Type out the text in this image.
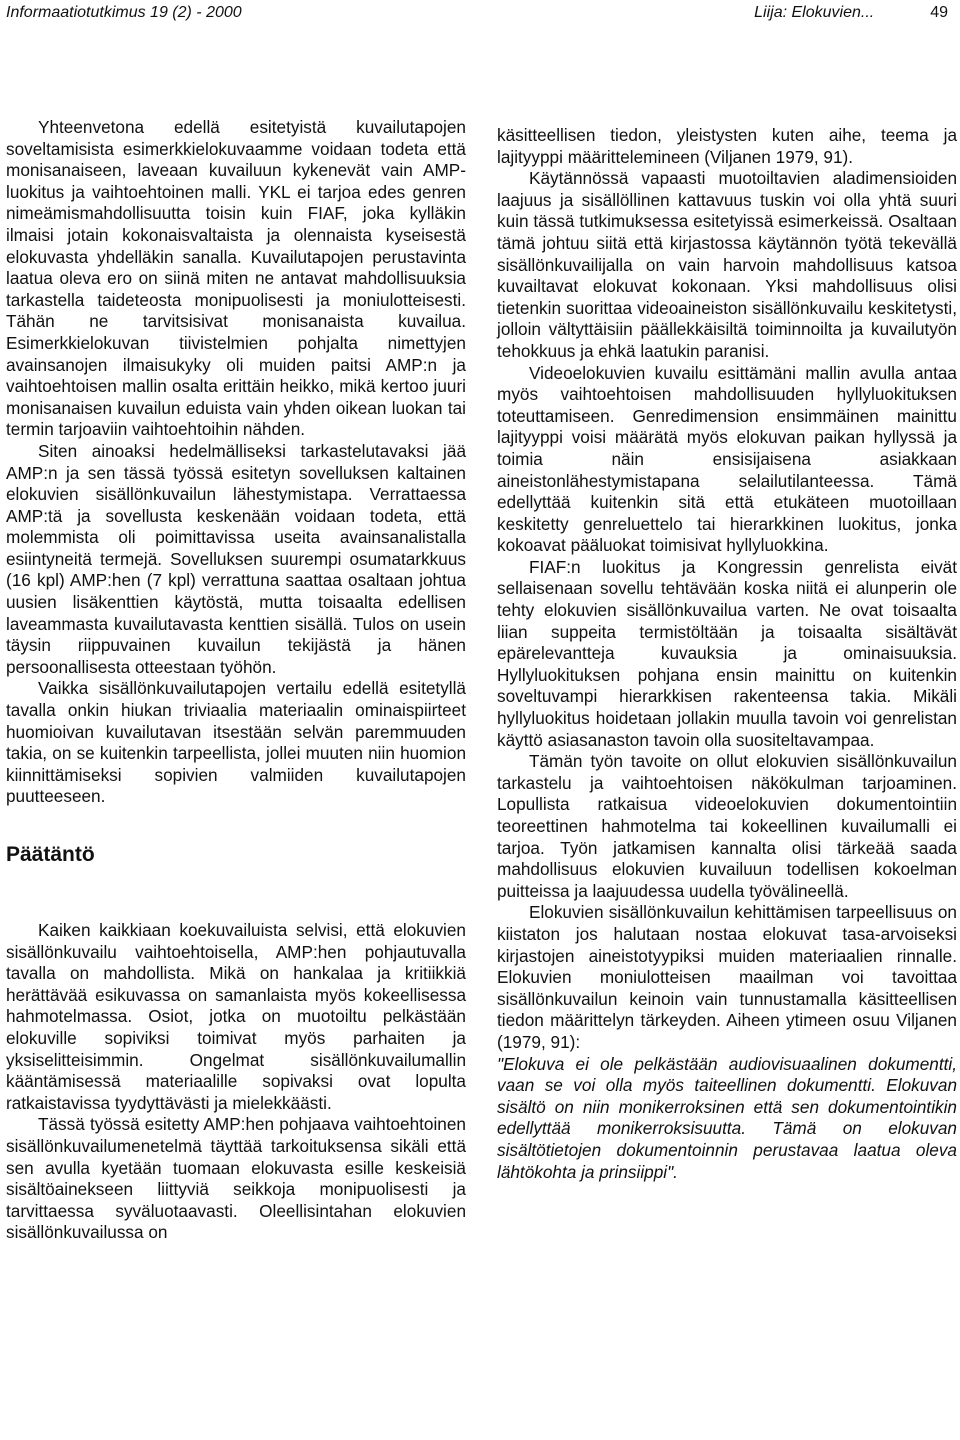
Informaatiotutkimus 19 (2) - 2000	Liija: Elokuvien...	49

Yhteenvetona edellä esitetyistä kuvailutapojen soveltamisista esimerkkielokuvaamme voidaan todeta että monisanaiseen, laveaan kuvailuun kykenevät vain AMP-luokitus ja vaihtoehtoinen malli. YKL ei tarjoa edes genren nimeämismahdollisuutta toisin kuin FIAF, joka kylläkin ilmaisi jotain kokonaisvaltaista ja olennaista kyseisestä elokuvasta yhdelläkin sanalla. Kuvailutapojen perustavinta laatua oleva ero on siinä miten ne antavat mahdollisuuksia tarkastella taideteosta monipuolisesti ja moniulotteisesti. Tähän ne tarvitsisivat monisanaista kuvailua. Esimerkkielokuvan tiivistelmien pohjalta nimettyjen avainsanojen ilmaisukyky oli muiden paitsi AMP:n ja vaihtoehtoisen mallin osalta erittäin heikko, mikä kertoo juuri monisanaisen kuvailun eduista vain yhden oikean luokan tai termin tarjoaviin vaihtoehtoihin nähden.

Siten ainoaksi hedelmälliseksi tarkastelutavaksi jää AMP:n ja sen tässä työssä esitetyn sovelluksen kaltainen elokuvien sisällönkuvailun lähestymistapa. Verrattaessa AMP:tä ja sovellusta keskenään voidaan todeta, että molemmista oli poimittavissa useita avainsanalistalla esiintyneitä termejä. Sovelluksen suurempi osumatarkkuus (16 kpl) AMP:hen (7 kpl) verrattuna saattaa osaltaan johtua uusien lisäkenttien käytöstä, mutta toisaalta edellisen laveammasta kuvailutavasta kenttien sisällä. Tulos on usein täysin riippuvainen kuvailun tekijästä ja hänen persoonallisesta otteestaan työhön.

Vaikka sisällönkuvailutapojen vertailu edellä esitetyllä tavalla onkin hiukan triviaalia materiaalin ominaispiirteet huomioivan kuvailutavan itsestään selvän paremmuuden takia, on se kuitenkin tarpeellista, jollei muuten niin huomion kiinnittämiseksi sopivien valmiiden kuvailutapojen puutteeseen.

Päätäntö

Kaiken kaikkiaan koekuvailuista selvisi, että elokuvien sisällönkuvailu vaihtoehtoisella, AMP:hen pohjautuvalla tavalla on mahdollista. Mikä on hankalaa ja kritiikkiä herättävää esikuvassa on samanlaista myös kokeellisessa hahmotelmassa. Osiot, jotka on muotoiltu pelkästään elokuville sopiviksi toimivat myös parhaiten ja yksiselitteisimmin. Ongelmat sisällönkuvailumallin kääntämisessä materiaalille sopivaksi ovat lopulta ratkaistavissa tyydyttävästi ja mielekkäästi.

Tässä työssä esitetty AMP:hen pohjaava vaihtoehtoinen sisällönkuvailumenetelmä täyttää tarkoituksensa sikäli että sen avulla kyetään tuomaan elokuvasta esille keskeisiä sisältöainekseen liittyviä seikkoja monipuolisesti ja tarvittaessa syväluotaavasti. Oleellisintahan elokuvien sisällönkuvailussa on

käsitteellisen tiedon, yleistysten kuten aihe, teema ja lajityyppi määrittelemineen (Viljanen 1979, 91).

Käytännössä vapaasti muotoiltavien aladimensioiden laajuus ja sisällöllinen kattavuus tuskin voi olla yhtä suuri kuin tässä tutkimuksessa esitetyissä esimerkeissä. Osaltaan tämä johtuu siitä että kirjastossa käytännön työtä tekevällä sisällönkuvailijalla on vain harvoin mahdollisuus katsoa kuvailtavat elokuvat kokonaan. Yksi mahdollisuus olisi tietenkin suorittaa videoaineiston sisällönkuvailu keskitetysti, jolloin vältyttäisiin päällekkäisiltä toiminnoilta ja kuvailutyön tehokkuus ja ehkä laatukin paranisi.

Videoelokuvien kuvailu esittämäni mallin avulla antaa myös vaihtoehtoisen mahdollisuuden hyllyluokituksen toteuttamiseen. Genredimension ensimmäinen mainittu lajityyppi voisi määrätä myös elokuvan paikan hyllyssä ja toimia näin ensisijaisena asiakkaan aineistonlähestymistapana selailutilanteessa. Tämä edellyttää kuitenkin sitä että etukäteen muotoillaan keskitetty genreluettelo tai hierarkkinen luokitus, jonka kokoavat pääluokat toimisivat hyllyluokkina.

FIAF:n luokitus ja Kongressin genrelista eivät sellaisenaan sovellu tehtävään koska niitä ei alunperin ole tehty elokuvien sisällönkuvailua varten. Ne ovat toisaalta liian suppeita termistöltään ja toisaalta sisältävät epärelevantteja kuvauksia ja ominaisuuksia. Hyllyluokituksen pohjana ensin mainittu on kuitenkin soveltuvampi hierarkkisen rakenteensa takia. Mikäli hyllyluokitus hoidetaan jollakin muulla tavoin voi genrelistan käyttö asiasanaston tavoin olla suositeltavampaa.

Tämän työn tavoite on ollut elokuvien sisällönkuvailun tarkastelu ja vaihtoehtoisen näkökulman tarjoaminen. Lopullista ratkaisua videoelokuvien dokumentointiin teoreettinen hahmotelma tai kokeellinen kuvailumalli ei tarjoa. Työn jatkamisen kannalta olisi tärkeää saada mahdollisuus elokuvien kuvailuun todellisen kokoelman puitteissa ja laajuudessa uudella työvälineellä.

Elokuvien sisällönkuvailun kehittämisen tarpeellisuus on kiistaton jos halutaan nostaa elokuvat tasa-arvoiseksi kirjastojen aineistotyypiksi muiden materiaalien rinnalle. Elokuvien moniulotteisen maailman voi tavoittaa sisällönkuvailun keinoin vain tunnustamalla käsitteellisen tiedon määrittelyn tärkeyden. Aiheen ytimeen osuu Viljanen (1979, 91):

"Elokuva ei ole pelkästään audiovisuaalinen dokumentti, vaan se voi olla myös taiteellinen dokumentti. Elokuvan sisältö on niin monikerroksinen että sen dokumentointikin edellyttää monikerroksisuutta. Tämä on elokuvan sisältötietojen dokumentoinnin perustavaa laatua oleva lähtökohta ja prinsiippi".
